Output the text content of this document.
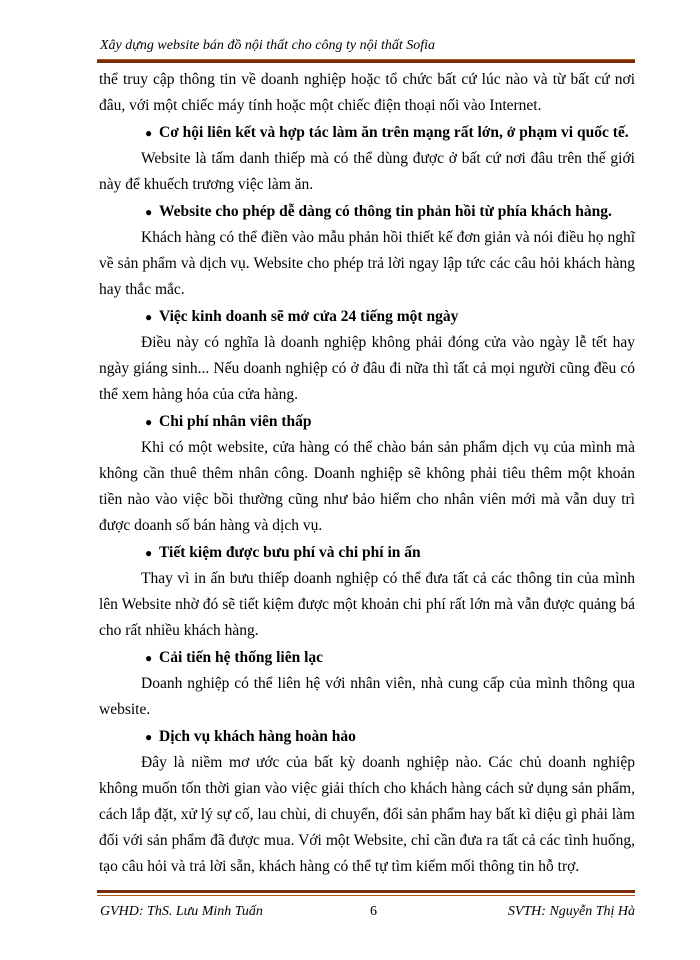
Xây dựng website bán đồ nội thất cho công ty nội thất Sofia

thể truy cập thông tin về doanh nghiệp hoặc tổ chức bất cứ lúc nào và từ bất cứ nơi đâu, với một chiếc máy tính hoặc một chiếc điện thoại nối vào Internet.

● Cơ hội liên kết và hợp tác làm ăn trên mạng rất lớn, ở phạm vi quốc tế.

Website là tấm danh thiếp mà có thể dùng được ở bất cứ nơi đâu trên thế giới này để khuếch trương việc làm ăn.

● Website cho phép dễ dàng có thông tin phản hồi từ phía khách hàng.

Khách hàng có thể điền vào mẫu phản hồi thiết kế đơn giản và nói điều họ nghĩ về sản phẩm và dịch vụ. Website cho phép trả lời ngay lập tức các câu hỏi khách hàng hay thắc mắc.

● Việc kinh doanh sẽ mở cửa 24 tiếng một ngày

Điều này có nghĩa là doanh nghiệp không phải đóng cửa vào ngày lễ tết hay ngày giáng sinh... Nếu doanh nghiệp có ở đâu đi nữa thì tất cả mọi người cũng đều có thể xem hàng hóa của cửa hàng.

● Chi phí nhân viên thấp

Khi có một website, cửa hàng có thể chào bán sản phẩm dịch vụ của mình mà không cần thuê thêm nhân công. Doanh nghiệp sẽ không phải tiêu thêm một khoản tiền nào vào việc bồi thường cũng như bảo hiểm cho nhân viên mới mà vẫn duy trì được doanh số bán hàng và dịch vụ.

● Tiết kiệm được bưu phí và chi phí in ấn

Thay vì in ấn bưu thiếp doanh nghiệp có thể đưa tất cả các thông tin của mình lên Website nhờ đó sẽ tiết kiệm được một khoản chi phí rất lớn mà vẫn được quảng bá cho rất nhiều khách hàng.

● Cải tiến hệ thống liên lạc

Doanh nghiệp có thể liên hệ với nhân viên, nhà cung cấp của mình thông qua website.

● Dịch vụ khách hàng hoàn hảo

Đây là niềm mơ ước của bất kỳ doanh nghiệp nào. Các chủ doanh nghiệp không muốn tốn thời gian vào việc giải thích cho khách hàng cách sử dụng sản phẩm, cách lắp đặt, xử lý sự cố, lau chùi, di chuyển, đổi sản phẩm hay bất kì diệu gì phải làm đối với sản phẩm đã được mua. Với một Website, chỉ cần đưa ra tất cả các tình huống, tạo câu hỏi và trả lời sẵn, khách hàng có thể tự tìm kiếm mối thông tin hỗ trợ.

GVHD: ThS. Lưu Minh Tuấn	6	SVTH: Nguyễn Thị Hà
